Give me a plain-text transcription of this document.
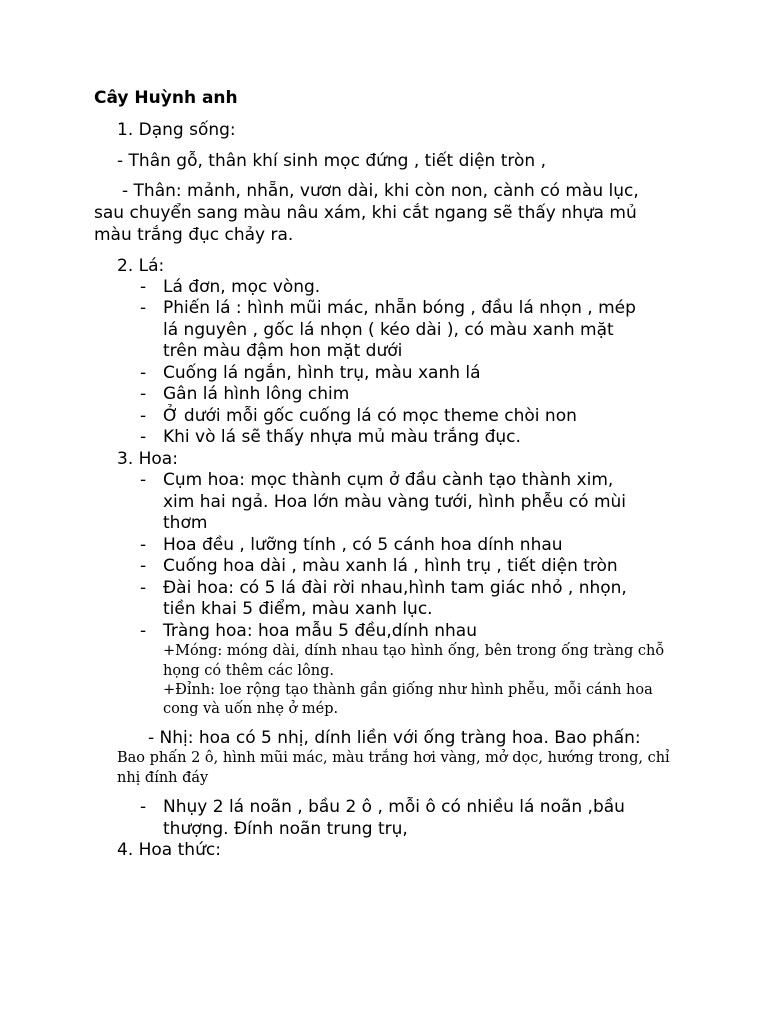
Cây Huỳnh anh
1. Dạng sống:
- Thân gỗ, thân khí sinh mọc đứng , tiết diện tròn ,
- Thân: mảnh, nhẵn, vươn dài, khi còn non, cành có màu lục,
sau chuyển sang màu nâu xám, khi cắt ngang sẽ thấy nhựa mủ
màu trắng đục chảy ra.
2. Lá:
- Lá đơn, mọc vòng.
- Phiến lá : hình mũi mác, nhẵn bóng , đầu lá nhọn , mép
lá nguyên , gốc lá nhọn ( kéo dài ), có màu xanh mặt
trên màu đậm hon mặt dưới
- Cuống lá ngắn, hình trụ, màu xanh lá
- Gân lá hình lông chim
- Ở dưới mỗi gốc cuống lá có mọc theme chòi non
- Khi vò lá sẽ thấy nhựa mủ màu trắng đục.
3. Hoa:
- Cụm hoa: mọc thành cụm ở đầu cành tạo thành xim,
xim hai ngả. Hoa lớn màu vàng tưới, hình phễu có mùi
thơm
- Hoa đều , lưỡng tính , có 5 cánh hoa dính nhau
- Cuống hoa dài , màu xanh lá , hình trụ , tiết diện tròn
- Đài hoa: có 5 lá đài rời nhau,hình tam giác nhỏ , nhọn,
tiền khai 5 điểm, màu xanh lục.
- Tràng hoa: hoa mẫu 5 đều,dính nhau
+Móng: móng dài, dính nhau tạo hình ống, bên trong ống tràng chỗ
họng có thêm các lông.
+Đỉnh: loe rộng tạo thành gần giống như hình phễu, mỗi cánh hoa
cong và uốn nhẹ ở mép.
- Nhị: hoa có 5 nhị, dính liền với ống tràng hoa. Bao phấn:
Bao phấn 2 ô, hình mũi mác, màu trắng hơi vàng, mở dọc, hướng trong, chỉ
nhị đính đáy
- Nhụy 2 lá noãn , bầu 2 ô , mỗi ô có nhiều lá noãn ,bầu
thượng. Đính noãn trung trụ,
4. Hoa thức:
